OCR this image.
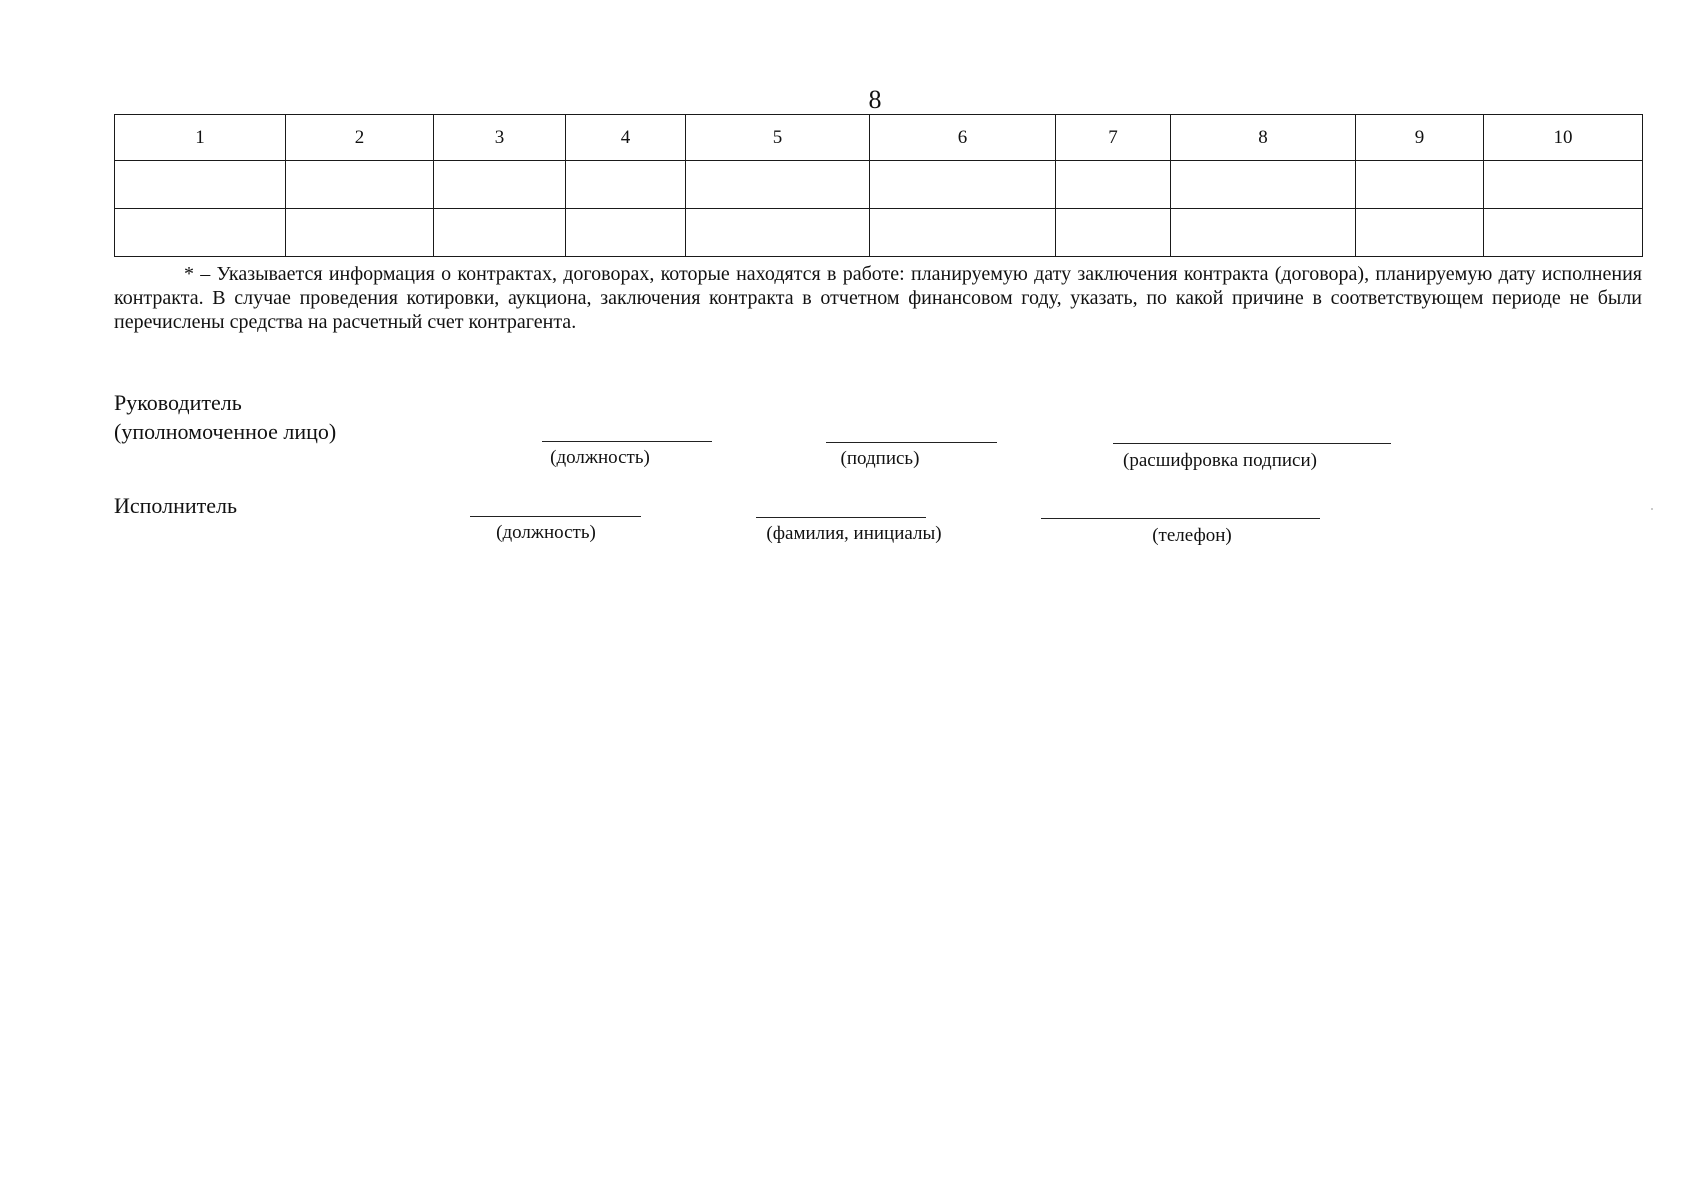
8
1	2	3	4	5	6	7	8	9	10

* – Указывается информация о контрактах, договорах, которые находятся в работе: планируемую дату заключения контракта (договора), планируемую дату исполнения контракта. В случае проведения котировки, аукциона, заключения контракта в отчетном финансовом году, указать, по какой причине в соответствующем периоде не были перечислены средства на расчетный счет контрагента.

Руководитель
(уполномоченное лицо)
(должность)	(подпись)	(расшифровка подписи)
Исполнитель
(должность)	(фамилия, инициалы)	(телефон)
